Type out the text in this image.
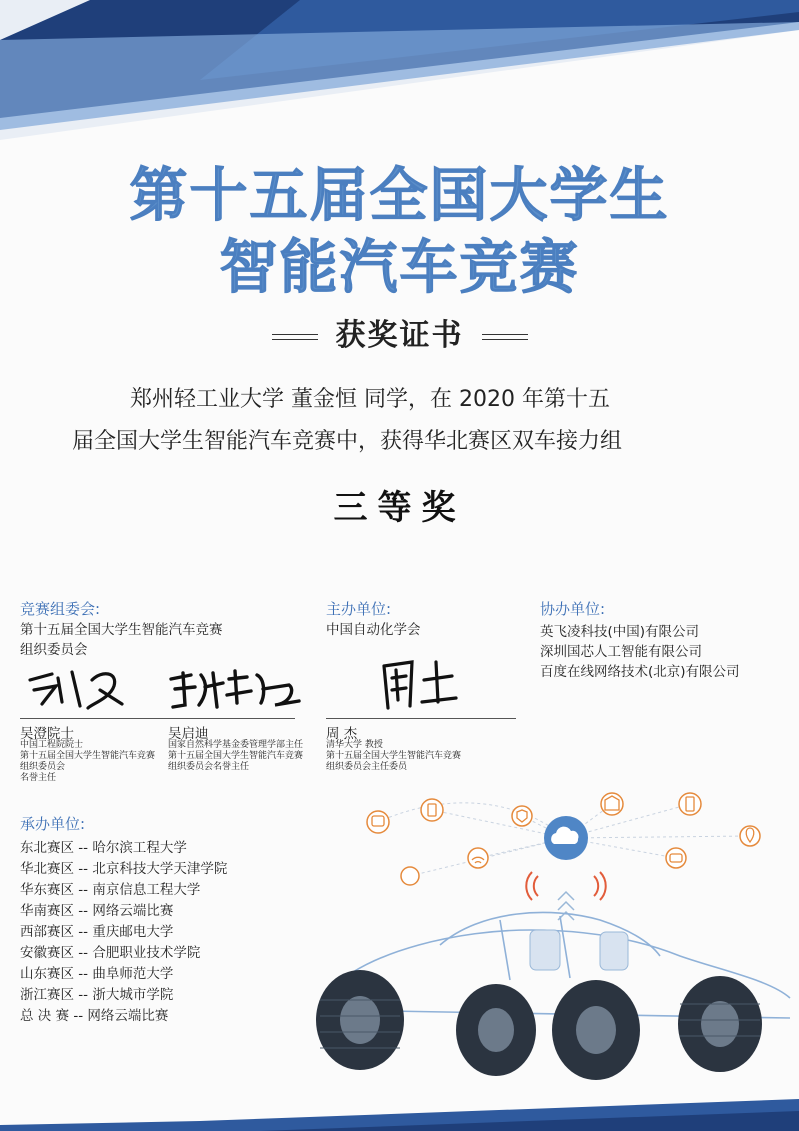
第十五届全国大学生
智能汽车竞赛
获奖证书
郑州轻工业大学 董金恒 同学，在 2020 年第十五
届全国大学生智能汽车竞赛中，获得华北赛区双车接力组
三等奖
竞赛组委会:
第十五届全国大学生智能汽车竞赛
组织委员会
主办单位:
中国自动化学会
协办单位:
英飞凌科技(中国)有限公司
深圳国芯人工智能有限公司
百度在线网络技术(北京)有限公司
吴澄院士
中国工程院院士
第十五届全国大学生智能汽车竞赛
组织委员会
名誉主任
吴启迪
国家自然科学基金委管理学部主任
第十五届全国大学生智能汽车竞赛
组织委员会名誉主任
周 杰
清华大学 教授
第十五届全国大学生智能汽车竞赛
组织委员会主任委员
承办单位:
东北赛区 -- 哈尔滨工程大学
华北赛区 -- 北京科技大学天津学院
华东赛区 -- 南京信息工程大学
华南赛区 -- 网络云端比赛
西部赛区 -- 重庆邮电大学
安徽赛区 -- 合肥职业技术学院
山东赛区 -- 曲阜师范大学
浙江赛区 -- 浙大城市学院
总 决 赛 -- 网络云端比赛
